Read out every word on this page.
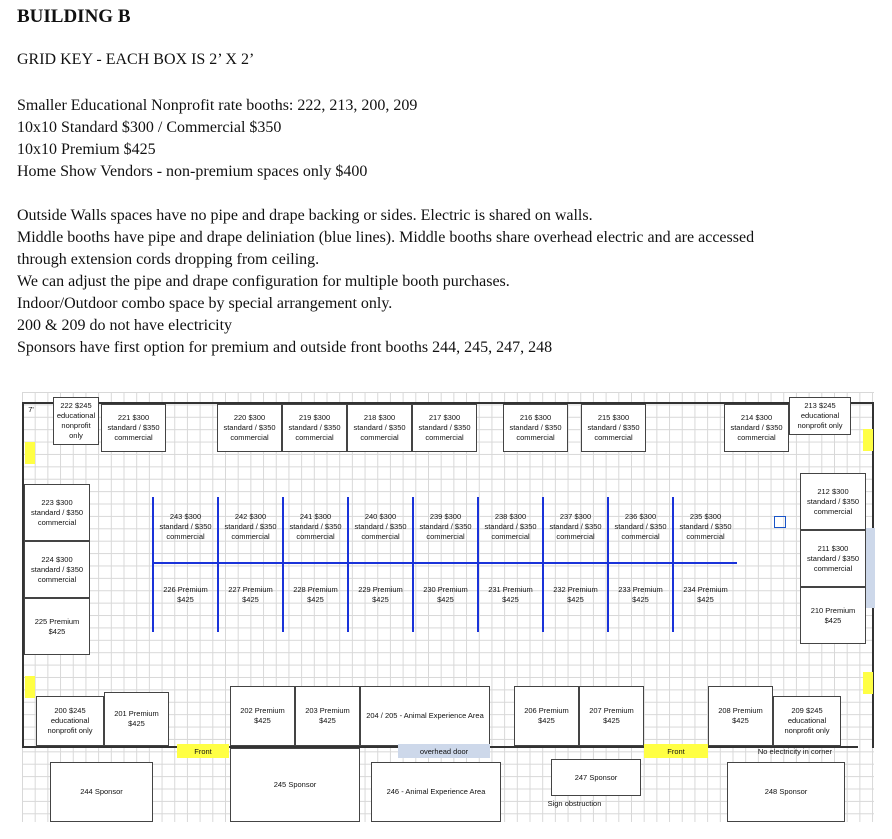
BUILDING B
GRID KEY - EACH BOX IS 2’ X 2’
Smaller Educational Nonprofit rate booths: 222, 213, 200, 209
10x10 Standard $300 / Commercial $350
10x10 Premium $425
Home Show Vendors - non-premium spaces only $400
Outside Walls spaces have no pipe and drape backing or sides. Electric is shared on walls.
Middle booths have pipe and drape deliniation (blue lines). Middle booths share overhead electric and are accessed
through extension cords dropping from ceiling.
We can adjust the pipe and drape configuration for multiple booth purchases.
Indoor/Outdoor combo space by special arrangement only.
200 & 209 do not have electricity
Sponsors have first option for premium and outside front booths 244, 245, 247, 248
7'	222 $245
educational
nonprofit
only
221 $300
standard / $350
commercial
220 $300
standard / $350
commercial
219 $300
standard / $350
commercial
218 $300
standard / $350
commercial
217 $300
standard / $350
commercial
216 $300
standard / $350
commercial
215 $300
standard / $350
commercial
214 $300
standard / $350
commercial
213 $245
educational
nonprofit only
223 $300
standard / $350
commercial
224 $300
standard / $350
commercial
225 Premium
$425
212 $300
standard / $350
commercial
211 $300
standard / $350
commercial
210 Premium
$425
243 $300
standard / $350
commercial
242 $300
standard / $350
commercial
241 $300
standard / $350
commercial
240 $300
standard / $350
commercial
239 $300
standard / $350
commercial
238 $300
standard / $350
commercial
237 $300
standard / $350
commercial
236 $300
standard / $350
commercial
235 $300
standard / $350
commercial
226 Premium
$425
227 Premium
$425
228 Premium
$425
229 Premium
$425
230 Premium
$425
231 Premium
$425
232 Premium
$425
233 Premium
$425
234 Premium
$425
200 $245
educational
nonprofit only
201 Premium
$425
202 Premium
$425
203 Premium
$425
204 / 205 - Animal Experience Area
206 Premium
$425
207 Premium
$425
208 Premium
$425
209 $245
educational
nonprofit only
Front	overhead door	Front	No electricity in corner
244 Sponsor
245 Sponsor
246 - Animal Experience Area
247 Sponsor
Sign obstruction
248 Sponsor
